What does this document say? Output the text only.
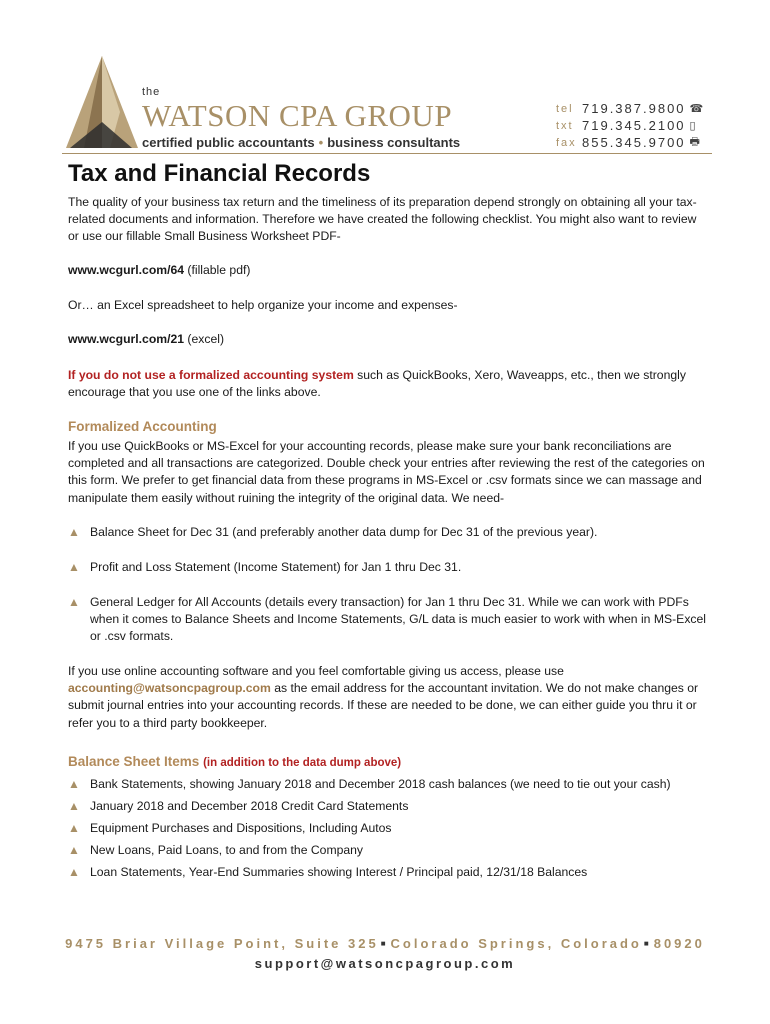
the
WATSON CPA GROUP
certified public accountants • business consultants
tel 719.387.9800 ☎
txt 719.345.2100 ▯
fax 855.345.9700 🖶
Tax and Financial Records
The quality of your business tax return and the timeliness of its preparation depend strongly on obtaining all your tax-related documents and information. Therefore we have created the following checklist. You might also want to review or use our fillable Small Business Worksheet PDF-
www.wcgurl.com/64 (fillable pdf)
Or… an Excel spreadsheet to help organize your income and expenses-
www.wcgurl.com/21 (excel)
If you do not use a formalized accounting system such as QuickBooks, Xero, Waveapps, etc., then we strongly encourage that you use one of the links above.
Formalized Accounting
If you use QuickBooks or MS-Excel for your accounting records, please make sure your bank reconciliations are completed and all transactions are categorized. Double check your entries after reviewing the rest of the categories on this form. We prefer to get financial data from these programs in MS-Excel or .csv formats since we can massage and manipulate them easily without ruining the integrity of the original data. We need-
▲ Balance Sheet for Dec 31 (and preferably another data dump for Dec 31 of the previous year).
▲ Profit and Loss Statement (Income Statement) for Jan 1 thru Dec 31.
▲ General Ledger for All Accounts (details every transaction) for Jan 1 thru Dec 31. While we can work with PDFs when it comes to Balance Sheets and Income Statements, G/L data is much easier to work with when in MS-Excel or .csv formats.
If you use online accounting software and you feel comfortable giving us access, please use accounting@watsoncpagroup.com as the email address for the accountant invitation. We do not make changes or submit journal entries into your accounting records. If these are needed to be done, we can either guide you thru it or refer you to a third party bookkeeper.
Balance Sheet Items (in addition to the data dump above)
▲ Bank Statements, showing January 2018 and December 2018 cash balances (we need to tie out your cash)
▲ January 2018 and December 2018 Credit Card Statements
▲ Equipment Purchases and Dispositions, Including Autos
▲ New Loans, Paid Loans, to and from the Company
▲ Loan Statements, Year-End Summaries showing Interest / Principal paid, 12/31/18 Balances
9475 Briar Village Point, Suite 325 ■ Colorado Springs, Colorado ■ 80920
support@watsoncpagroup.com
